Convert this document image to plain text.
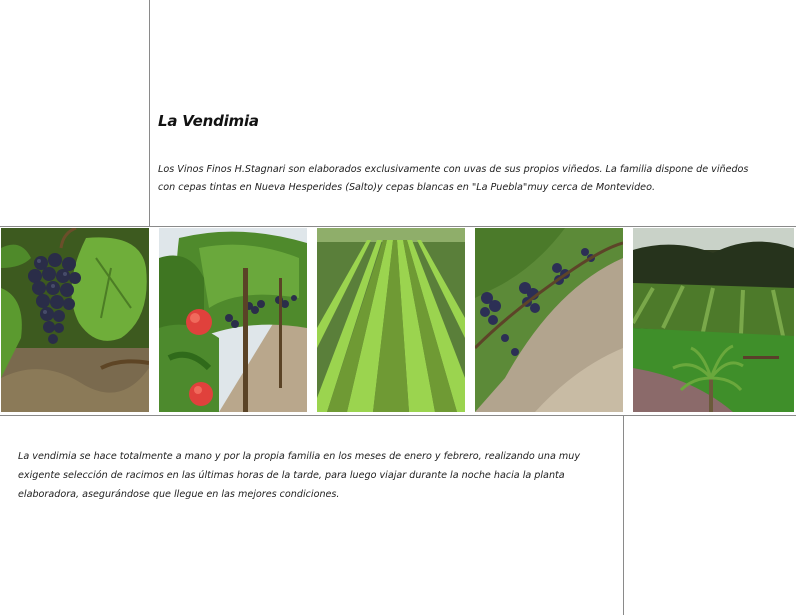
La Vendimia

Los Vinos Finos H.Stagnari son elaborados exclusivamente con uvas de sus propios viñedos. La familia dispone de viñedos con cepas tintas en Nueva Hesperides (Salto)y cepas blancas en "La Puebla"muy cerca de Montevideo.

La vendimia se hace totalmente a mano y por la propia familia en los meses de enero y febrero, realizando una muy exigente selección de racimos en las últimas horas de la tarde, para luego viajar durante la noche hacia la planta elaboradora, asegurándose que llegue en las mejores condiciones.
